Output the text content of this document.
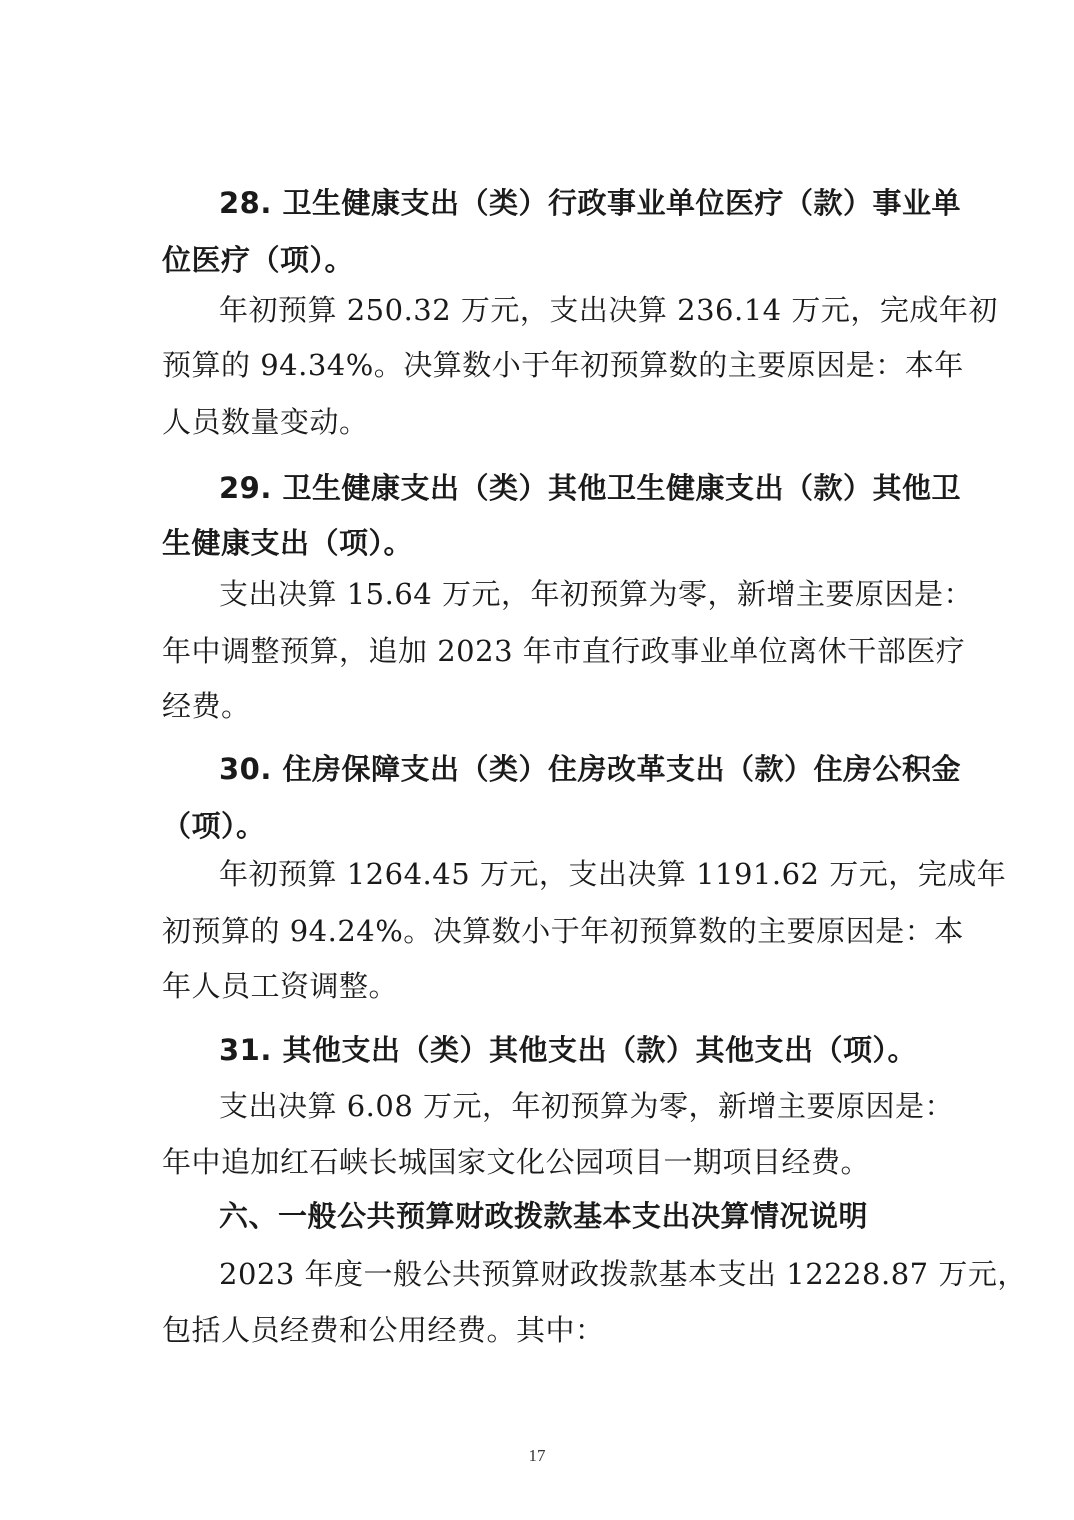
28. 卫生健康支出（类）行政事业单位医疗（款）事业单
位医疗（项）。
年初预算 250.32 万元，支出决算 236.14 万元，完成年初
预算的 94.34%。决算数小于年初预算数的主要原因是：本年
人员数量变动。
29. 卫生健康支出（类）其他卫生健康支出（款）其他卫
生健康支出（项）。
支出决算 15.64 万元，年初预算为零，新增主要原因是：
年中调整预算，追加 2023 年市直行政事业单位离休干部医疗
经费。
30. 住房保障支出（类）住房改革支出（款）住房公积金
（项）。
年初预算 1264.45 万元，支出决算 1191.62 万元，完成年
初预算的 94.24%。决算数小于年初预算数的主要原因是：本
年人员工资调整。
31. 其他支出（类）其他支出（款）其他支出（项）。
支出决算 6.08 万元，年初预算为零，新增主要原因是：
年中追加红石峡长城国家文化公园项目一期项目经费。
六、一般公共预算财政拨款基本支出决算情况说明
2023 年度一般公共预算财政拨款基本支出 12228.87 万元，
包括人员经费和公用经费。其中：
17
